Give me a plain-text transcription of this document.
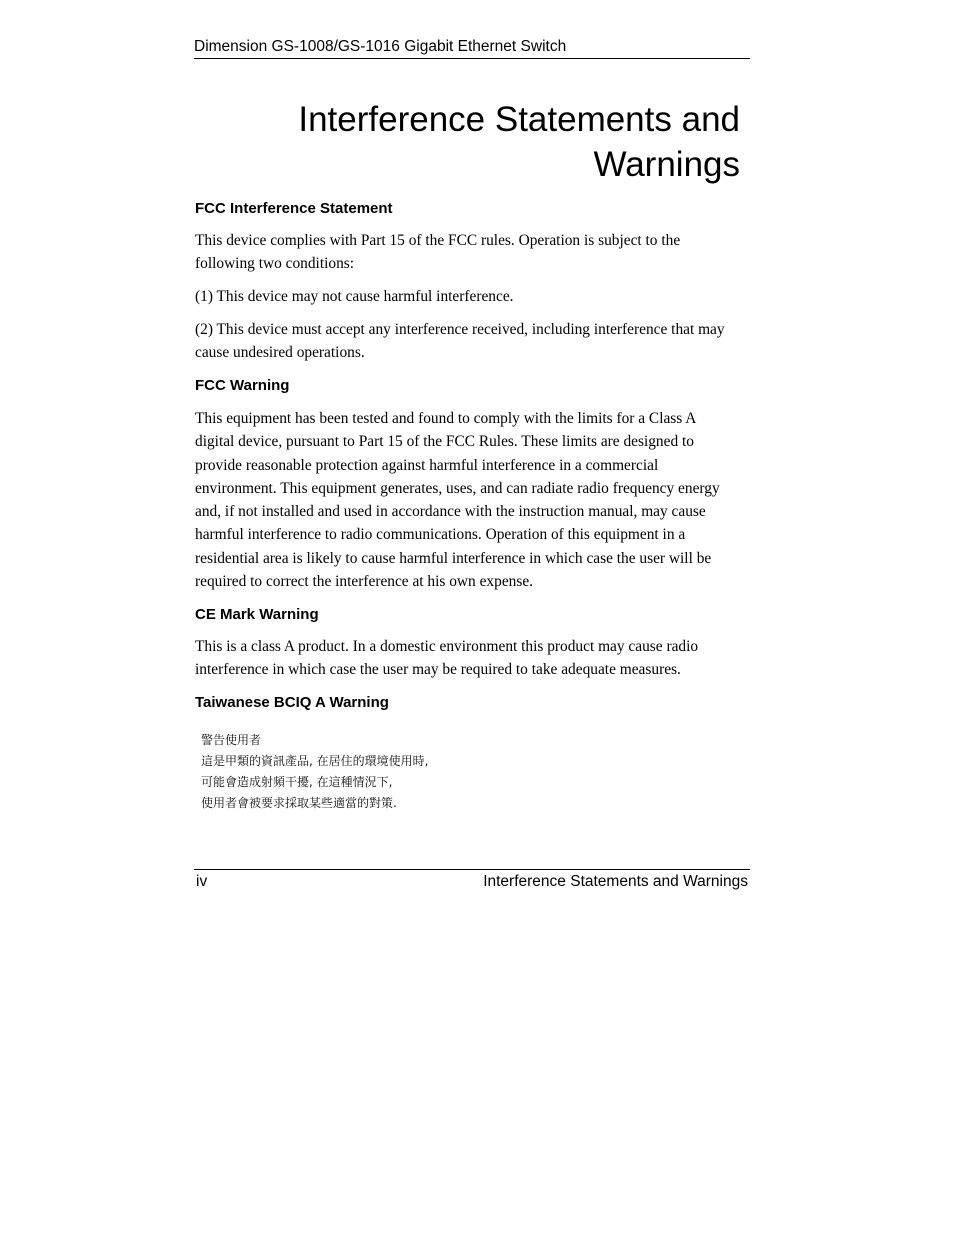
Dimension GS-1008/GS-1016 Gigabit Ethernet Switch
Interference Statements and
Warnings
FCC Interference Statement

This device complies with Part 15 of the FCC rules. Operation is subject to the
following two conditions:

(1) This device may not cause harmful interference.

(2) This device must accept any interference received, including interference that may
cause undesired operations.

FCC Warning

This equipment has been tested and found to comply with the limits for a Class A
digital device, pursuant to Part 15 of the FCC Rules. These limits are designed to
provide reasonable protection against harmful interference in a commercial
environment. This equipment generates, uses, and can radiate radio frequency energy
and, if not installed and used in accordance with the instruction manual, may cause
harmful interference to radio communications. Operation of this equipment in a
residential area is likely to cause harmful interference in which case the user will be
required to correct the interference at his own expense.

CE Mark Warning

This is a class A product. In a domestic environment this product may cause radio
interference in which case the user may be required to take adequate measures.

Taiwanese BCIQ A Warning
警告使用者
這是甲類的資訊產品, 在居住的環境使用時,
可能會造成射頻干擾, 在這種情況下,
使用者會被要求採取某些適當的對策.
iv	Interference Statements and Warnings
